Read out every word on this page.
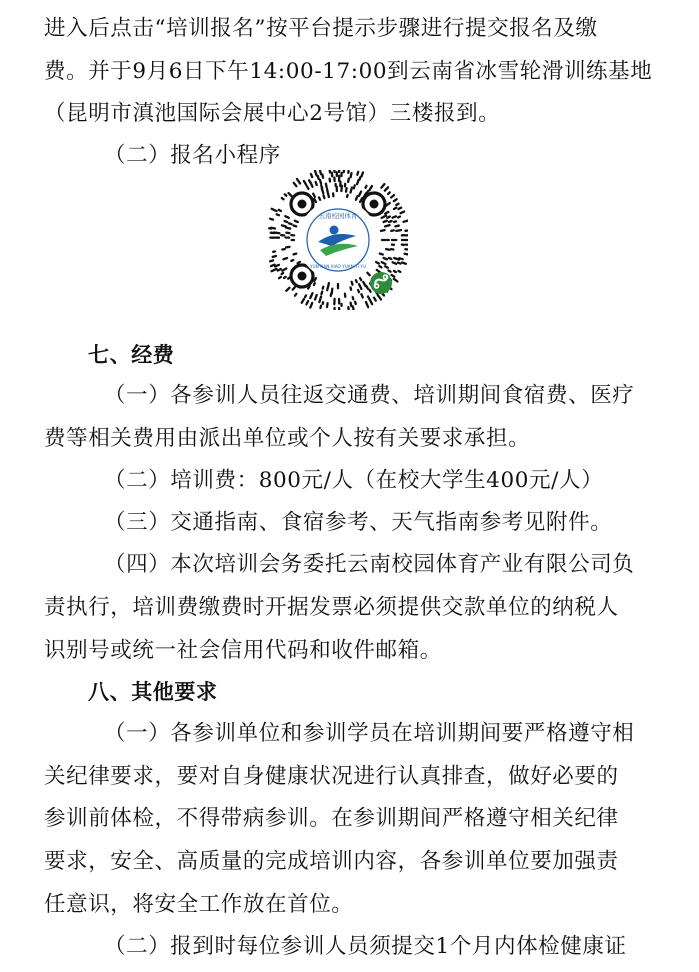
进入后点击“培训报名”按平台提示步骤进行提交报名及缴
费。并于9月6日下午14:00-17:00到云南省冰雪轮滑训练基地
（昆明市滇池国际会展中心2号馆）三楼报到。
（二）报名小程序
云南校园体育
YUN NAN XIAO YUAN TI YU
七、经费
（一）各参训人员往返交通费、培训期间食宿费、医疗
费等相关费用由派出单位或个人按有关要求承担。
（二）培训费：800元/人（在校大学生400元/人）
（三）交通指南、食宿参考、天气指南参考见附件。
（四）本次培训会务委托云南校园体育产业有限公司负
责执行，培训费缴费时开据发票必须提供交款单位的纳税人
识别号或统一社会信用代码和收件邮箱。
八、其他要求
（一）各参训单位和参训学员在培训期间要严格遵守相
关纪律要求，要对自身健康状况进行认真排查，做好必要的
参训前体检，不得带病参训。在参训期间严格遵守相关纪律
要求，安全、高质量的完成培训内容，各参训单位要加强责
任意识，将安全工作放在首位。
（二）报到时每位参训人员须提交1个月内体检健康证
